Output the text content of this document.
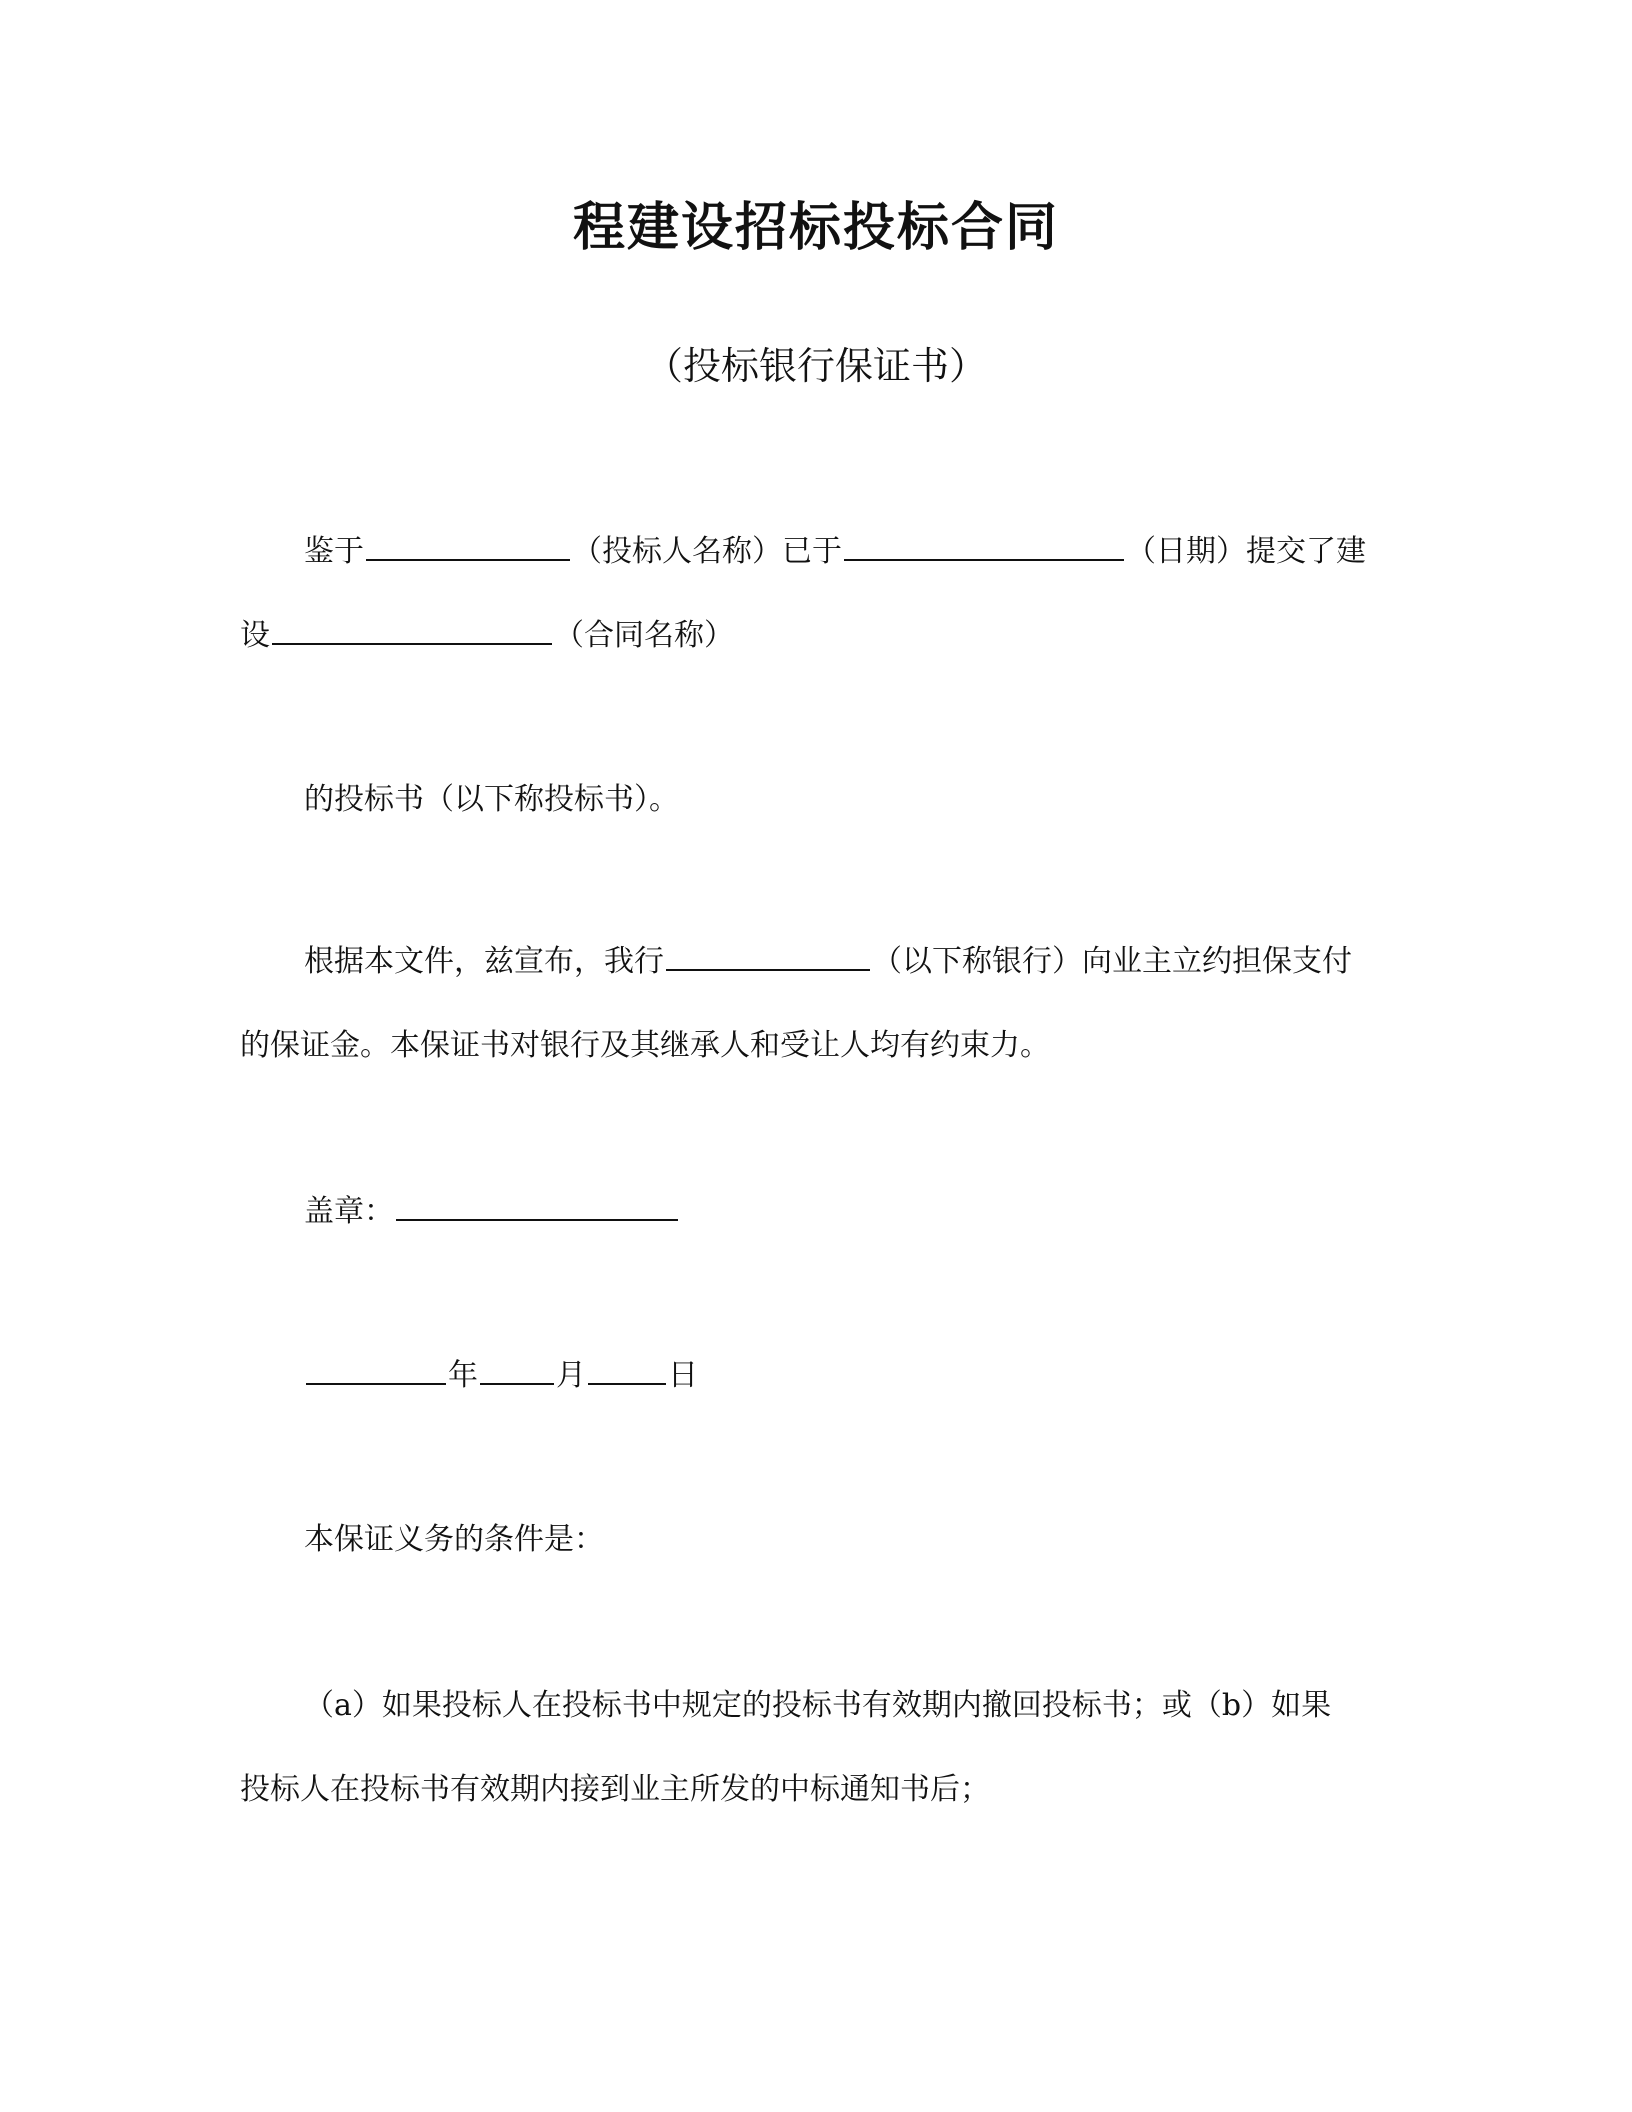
程建设招标投标合同
（投标银行保证书）
鉴于	（投标人名称）已于	（日期）提交了建
设	（合同名称）
的投标书（以下称投标书）。
根据本文件，兹宣布，我行	（以下称银行）向业主立约担保支付
的保证金。本保证书对银行及其继承人和受让人均有约束力。
盖章：
年	月	日
本保证义务的条件是：
（a）如果投标人在投标书中规定的投标书有效期内撤回投标书；或（b）如果
投标人在投标书有效期内接到业主所发的中标通知书后；
